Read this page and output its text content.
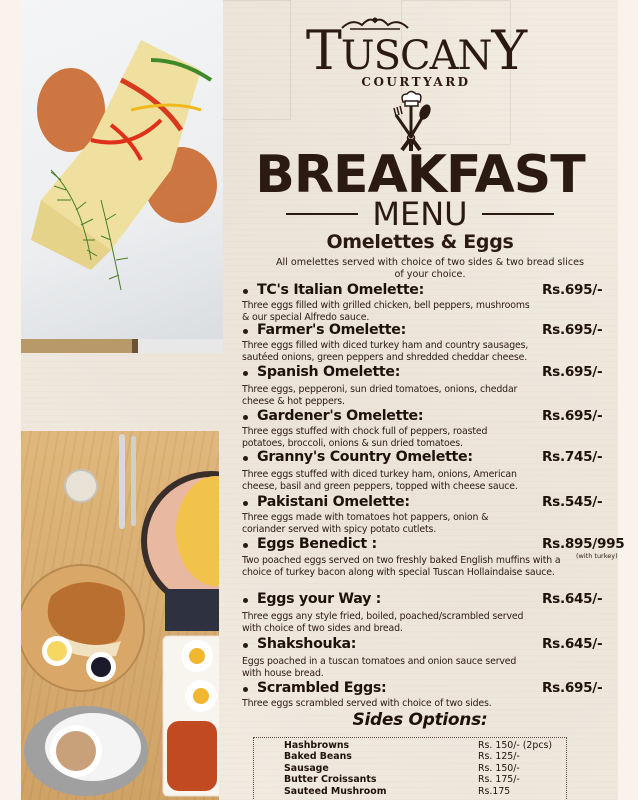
TUSCANY
COURTYARD
BREAKFAST
MENU
Omelettes & Eggs
All omelettes served with choice of two sides & two bread slices of your choice.
TC's Italian Omelette:	Rs.695/-
Three eggs filled with grilled chicken, bell peppers, mushrooms & our special Alfredo sauce.
Farmer's Omelette:	Rs.695/-
Three eggs filled with diced turkey ham and country sausages, sautéed onions, green peppers and shredded cheddar cheese.
Spanish Omelette:	Rs.695/-
Three eggs, pepperoni, sun dried tomatoes, onions, cheddar cheese & hot peppers.
Gardener's Omelette:	Rs.695/-
Three eggs stuffed with chock full of peppers, roasted potatoes, broccoli, onions & sun dried tomatoes.
Granny's Country Omelette:	Rs.745/-
Three eggs stuffed with diced turkey ham, onions, American cheese, basil and green peppers, topped with cheese sauce.
Pakistani Omelette:	Rs.545/-
Three eggs made with tomatoes hot pappers, onion & coriander served with spicy potato cutlets.
Eggs Benedict :	Rs.895/995
(with turkey)
Two poached eggs served on two freshly baked English muffins with a choice of turkey bacon along with special Tuscan Hollaindaise sauce.
Eggs your Way :	Rs.645/-
Three eggs any style fried, boiled, poached/scrambled served with choice of two sides and bread.
Shakshouka:	Rs.645/-
Eggs poached in a tuscan tomatoes and onion sauce served with house bread.
Scrambled Eggs:	Rs.695/-
Three eggs scrambled served with choice of two sides.
Sides Options:
Hashbrowns	Rs. 150/- (2pcs)
Baked Beans	Rs. 125/-
Sausage	Rs. 150/-
Butter Croissants	Rs. 175/-
Sauteed Mushroom	Rs.175
